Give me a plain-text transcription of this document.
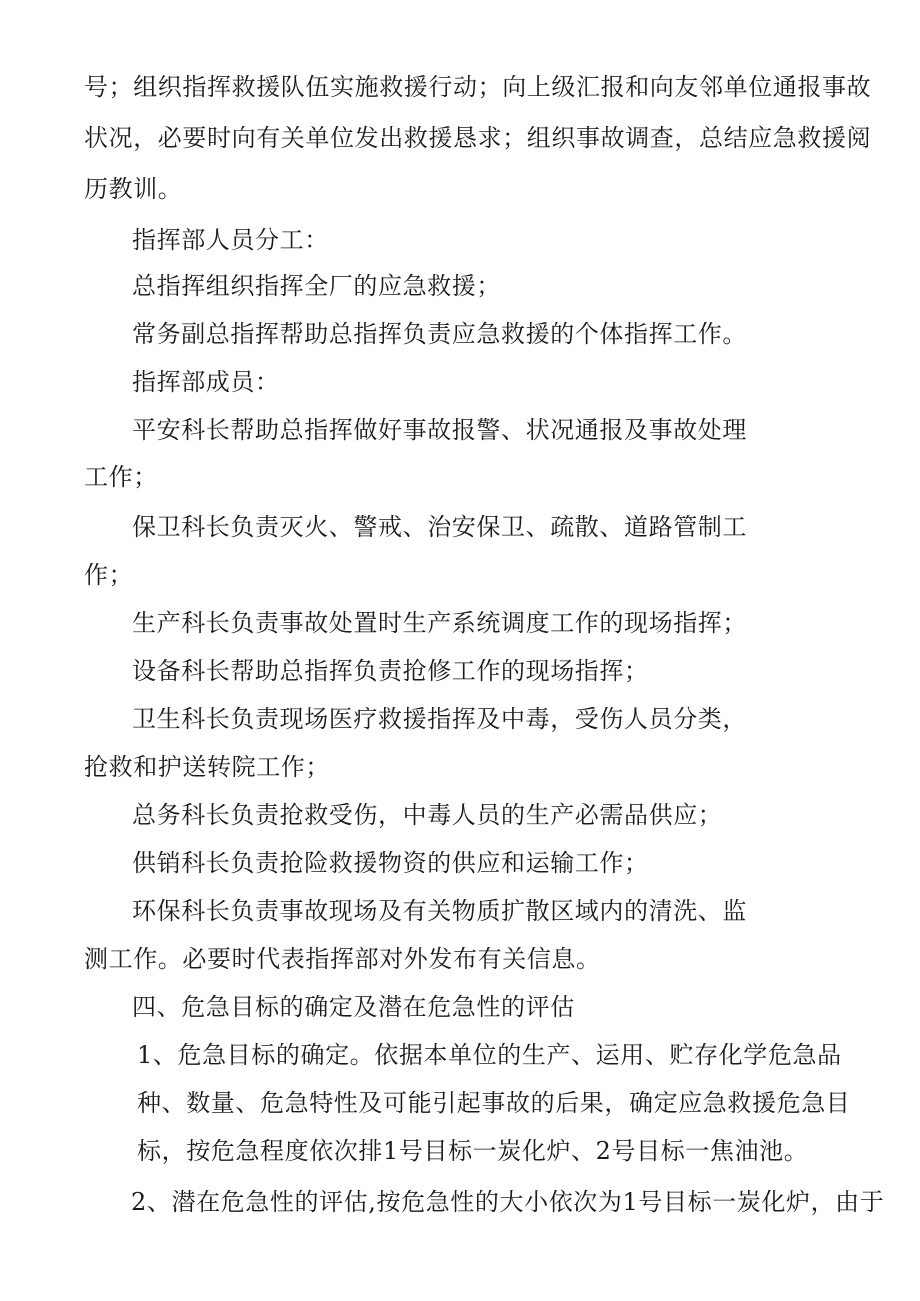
号；组织指挥救援队伍实施救援行动；向上级汇报和向友邻单位通报事故
状况，必要时向有关单位发出救援恳求；组织事故调查，总结应急救援阅
历教训。
指挥部人员分工：
总指挥组织指挥全厂的应急救援；
常务副总指挥帮助总指挥负责应急救援的个体指挥工作。
指挥部成员：
平安科长帮助总指挥做好事故报警、状况通报及事故处理
工作；
保卫科长负责灭火、警戒、治安保卫、疏散、道路管制工
作；
生产科长负责事故处置时生产系统调度工作的现场指挥；
设备科长帮助总指挥负责抢修工作的现场指挥；
卫生科长负责现场医疗救援指挥及中毒，受伤人员分类，
抢救和护送转院工作；
总务科长负责抢救受伤，中毒人员的生产必需品供应；
供销科长负责抢险救援物资的供应和运输工作；
环保科长负责事故现场及有关物质扩散区域内的清洗、监
测工作。必要时代表指挥部对外发布有关信息。
四、危急目标的确定及潜在危急性的评估
1、危急目标的确定。依据本单位的生产、运用、贮存化学危急品
种、数量、危急特性及可能引起事故的后果，确定应急救援危急目
标，按危急程度依次排1号目标一炭化炉、2号目标一焦油池。
2、潜在危急性的评估,按危急性的大小依次为1号目标一炭化炉，由于
